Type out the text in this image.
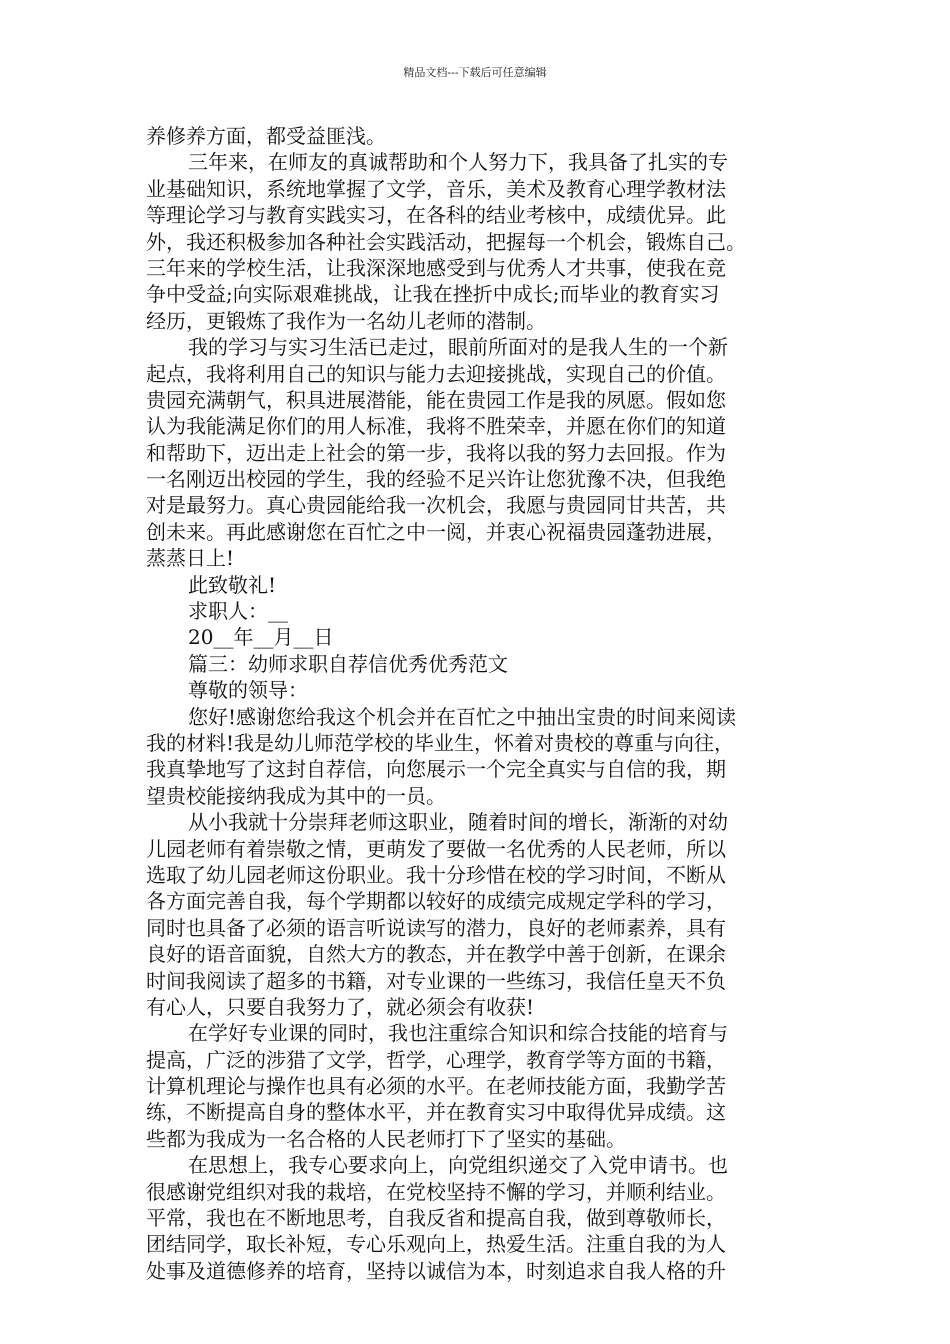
精品文档---下载后可任意编辑
养修养方面，都受益匪浅。
三年来，在师友的真诚帮助和个人努力下，我具备了扎实的专
业基础知识，系统地掌握了文学，音乐，美术及教育心理学教材法
等理论学习与教育实践实习，在各科的结业考核中，成绩优异。此
外，我还积极参加各种社会实践活动，把握每一个机会，锻炼自己。
三年来的学校生活，让我深深地感受到与优秀人才共事，使我在竞
争中受益;向实际艰难挑战，让我在挫折中成长;而毕业的教育实习
经历，更锻炼了我作为一名幼儿老师的潜制。
我的学习与实习生活已走过，眼前所面对的是我人生的一个新
起点，我将利用自己的知识与能力去迎接挑战，实现自己的价值。
贵园充满朝气，积具进展潜能，能在贵园工作是我的夙愿。假如您
认为我能满足你们的用人标准，我将不胜荣幸，并愿在你们的知道
和帮助下，迈出走上社会的第一步，我将以我的努力去回报。作为
一名刚迈出校园的学生，我的经验不足兴许让您犹豫不决，但我绝
对是最努力。真心贵园能给我一次机会，我愿与贵园同甘共苦，共
创未来。再此感谢您在百忙之中一阅，并衷心祝福贵园蓬勃进展，
蒸蒸日上!
此致敬礼!
求职人：__
20__年__月__日
篇三：幼师求职自荐信优秀优秀范文
尊敬的领导：
您好!感谢您给我这个机会并在百忙之中抽出宝贵的时间来阅读
我的材料!我是幼儿师范学校的毕业生，怀着对贵校的尊重与向往，
我真挚地写了这封自荐信，向您展示一个完全真实与自信的我，期
望贵校能接纳我成为其中的一员。
从小我就十分崇拜老师这职业，随着时间的增长，渐渐的对幼
儿园老师有着崇敬之情，更萌发了要做一名优秀的人民老师，所以
选取了幼儿园老师这份职业。我十分珍惜在校的学习时间，不断从
各方面完善自我，每个学期都以较好的成绩完成规定学科的学习，
同时也具备了必须的语言听说读写的潜力，良好的老师素养，具有
良好的语音面貌，自然大方的教态，并在教学中善于创新，在课余
时间我阅读了超多的书籍，对专业课的一些练习，我信任皇天不负
有心人，只要自我努力了，就必须会有收获!
在学好专业课的同时，我也注重综合知识和综合技能的培育与
提高，广泛的涉猎了文学，哲学，心理学，教育学等方面的书籍，
计算机理论与操作也具有必须的水平。在老师技能方面，我勤学苦
练，不断提高自身的整体水平，并在教育实习中取得优异成绩。这
些都为我成为一名合格的人民老师打下了坚实的基础。
在思想上，我专心要求向上，向党组织递交了入党申请书。也
很感谢党组织对我的栽培，在党校坚持不懈的学习，并顺利结业。
平常，我也在不断地思考，自我反省和提高自我，做到尊敬师长，
团结同学，取长补短，专心乐观向上，热爱生活。注重自我的为人
处事及道德修养的培育，坚持以诚信为本，时刻追求自我人格的升
